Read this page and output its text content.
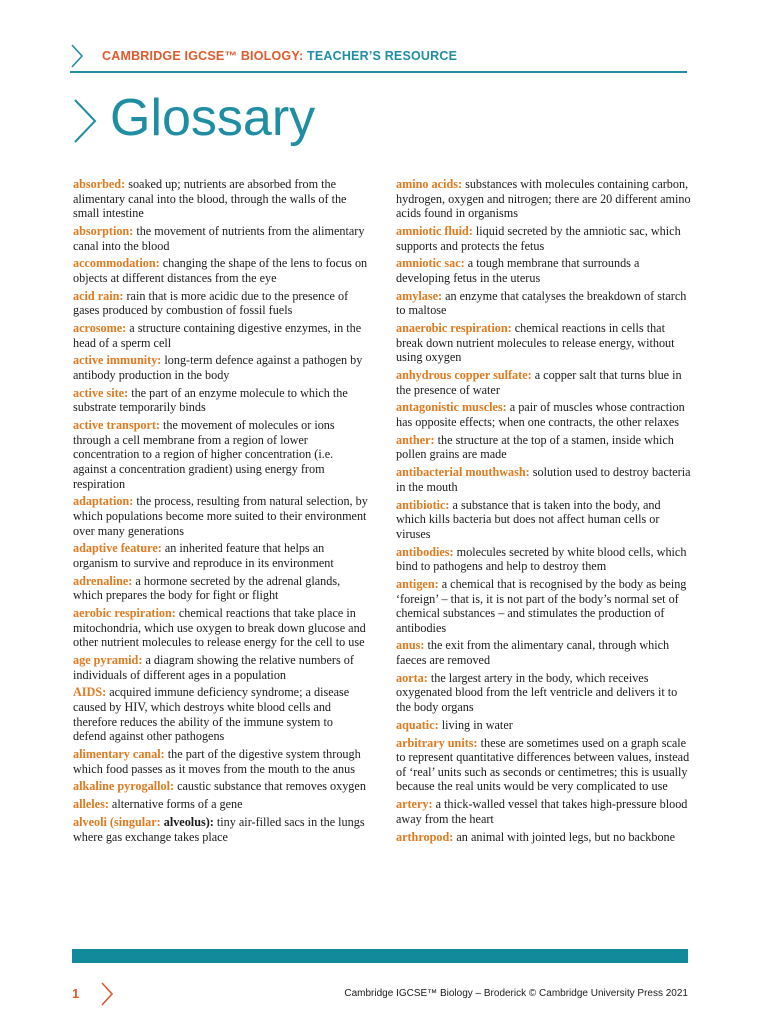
CAMBRIDGE IGCSE™ BIOLOGY: TEACHER’S RESOURCE
Glossary
absorbed: soaked up; nutrients are absorbed from the alimentary canal into the blood, through the walls of the small intestine
absorption: the movement of nutrients from the alimentary canal into the blood
accommodation: changing the shape of the lens to focus on objects at different distances from the eye
acid rain: rain that is more acidic due to the presence of gases produced by combustion of fossil fuels
acrosome: a structure containing digestive enzymes, in the head of a sperm cell
active immunity: long-term defence against a pathogen by antibody production in the body
active site: the part of an enzyme molecule to which the substrate temporarily binds
active transport: the movement of molecules or ions through a cell membrane from a region of lower concentration to a region of higher concentration (i.e. against a concentration gradient) using energy from respiration
adaptation: the process, resulting from natural selection, by which populations become more suited to their environment over many generations
adaptive feature: an inherited feature that helps an organism to survive and reproduce in its environment
adrenaline: a hormone secreted by the adrenal glands, which prepares the body for fight or flight
aerobic respiration: chemical reactions that take place in mitochondria, which use oxygen to break down glucose and other nutrient molecules to release energy for the cell to use
age pyramid: a diagram showing the relative numbers of individuals of different ages in a population
AIDS: acquired immune deficiency syndrome; a disease caused by HIV, which destroys white blood cells and therefore reduces the ability of the immune system to defend against other pathogens
alimentary canal: the part of the digestive system through which food passes as it moves from the mouth to the anus
alkaline pyrogallol: caustic substance that removes oxygen
alleles: alternative forms of a gene
alveoli (singular: alveolus): tiny air-filled sacs in the lungs where gas exchange takes place
amino acids: substances with molecules containing carbon, hydrogen, oxygen and nitrogen; there are 20 different amino acids found in organisms
amniotic fluid: liquid secreted by the amniotic sac, which supports and protects the fetus
amniotic sac: a tough membrane that surrounds a developing fetus in the uterus
amylase: an enzyme that catalyses the breakdown of starch to maltose
anaerobic respiration: chemical reactions in cells that break down nutrient molecules to release energy, without using oxygen
anhydrous copper sulfate: a copper salt that turns blue in the presence of water
antagonistic muscles: a pair of muscles whose contraction has opposite effects; when one contracts, the other relaxes
anther: the structure at the top of a stamen, inside which pollen grains are made
antibacterial mouthwash: solution used to destroy bacteria in the mouth
antibiotic: a substance that is taken into the body, and which kills bacteria but does not affect human cells or viruses
antibodies: molecules secreted by white blood cells, which bind to pathogens and help to destroy them
antigen: a chemical that is recognised by the body as being ‘foreign’ – that is, it is not part of the body’s normal set of chemical substances – and stimulates the production of antibodies
anus: the exit from the alimentary canal, through which faeces are removed
aorta: the largest artery in the body, which receives oxygenated blood from the left ventricle and delivers it to the body organs
aquatic: living in water
arbitrary units: these are sometimes used on a graph scale to represent quantitative differences between values, instead of ‘real’ units such as seconds or centimetres; this is usually because the real units would be very complicated to use
artery: a thick-walled vessel that takes high-pressure blood away from the heart
arthropod: an animal with jointed legs, but no backbone
1	Cambridge IGCSE™ Biology – Broderick © Cambridge University Press 2021
